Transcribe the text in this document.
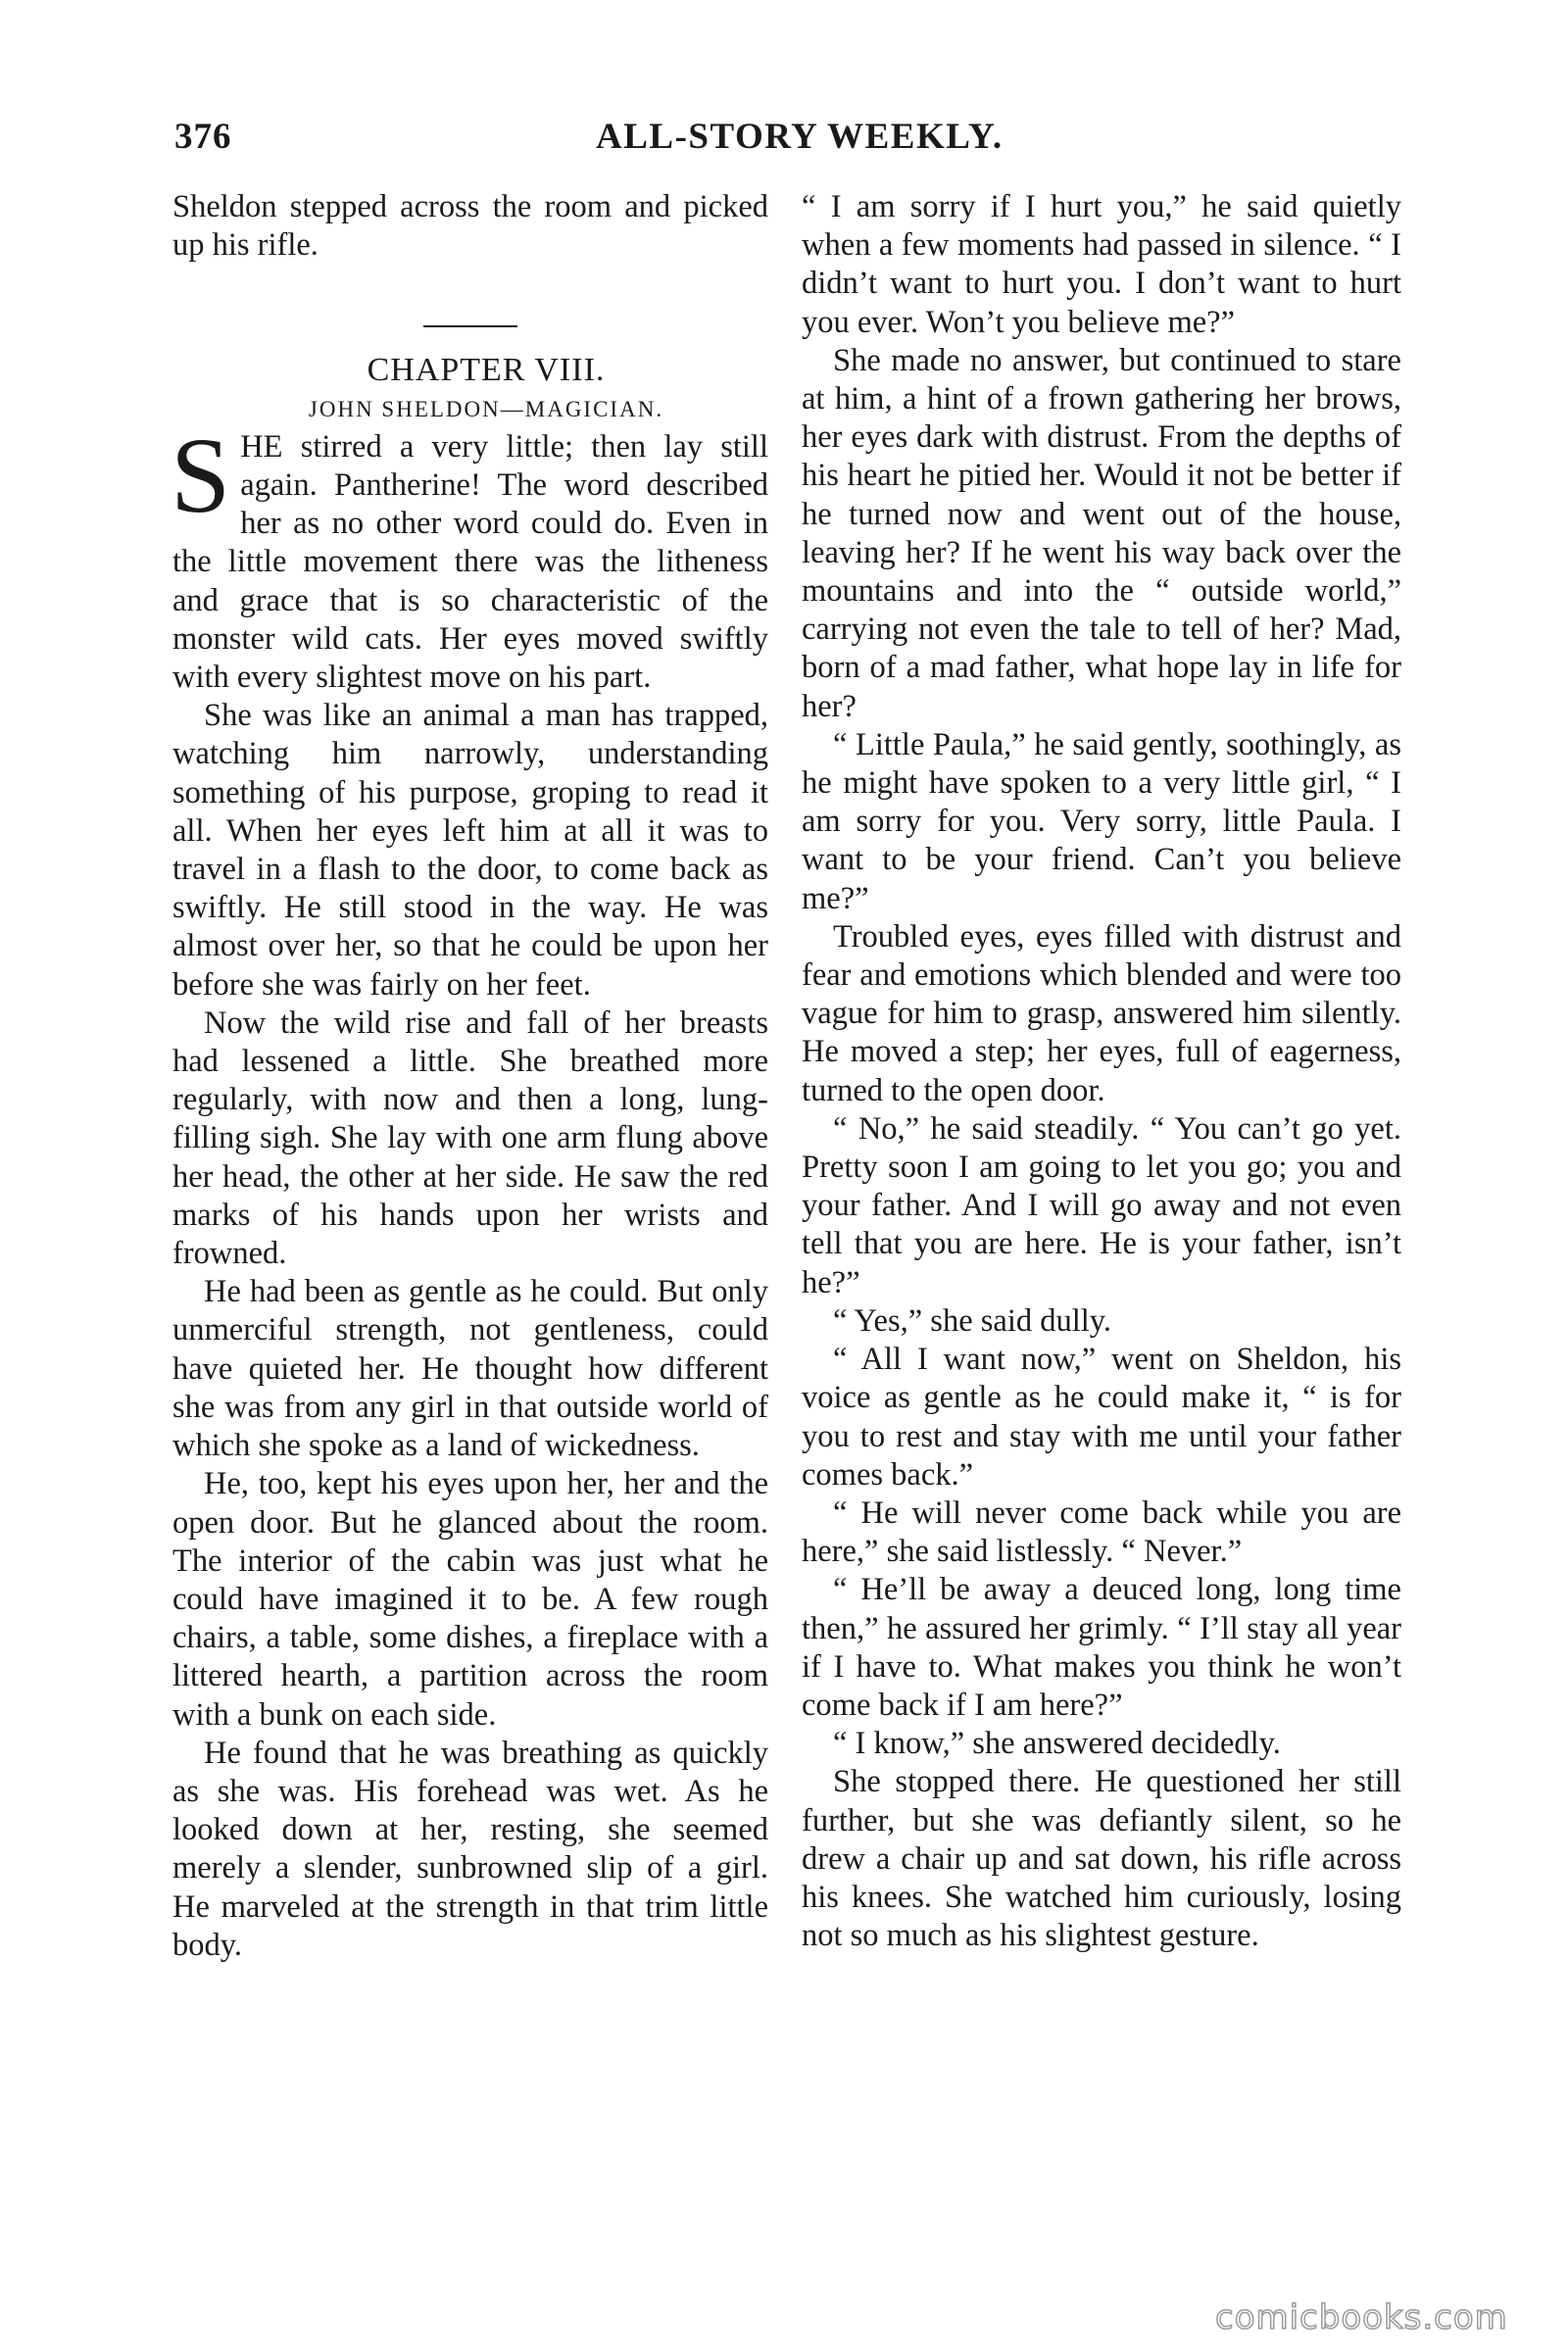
376	ALL-STORY WEEKLY.

Sheldon stepped across the room and picked up his rifle.

CHAPTER VIII.

JOHN SHELDON—MAGICIAN.

SHE stirred a very little; then lay still again. Pantherine! The word described her as no other word could do. Even in the little movement there was the litheness and grace that is so characteristic of the monster wild cats. Her eyes moved swiftly with every slightest move on his part.

She was like an animal a man has trapped, watching him narrowly, understanding something of his purpose, groping to read it all. When her eyes left him at all it was to travel in a flash to the door, to come back as swiftly. He still stood in the way. He was almost over her, so that he could be upon her before she was fairly on her feet.

Now the wild rise and fall of her breasts had lessened a little. She breathed more regularly, with now and then a long, lung-filling sigh. She lay with one arm flung above her head, the other at her side. He saw the red marks of his hands upon her wrists and frowned.

He had been as gentle as he could. But only unmerciful strength, not gentleness, could have quieted her. He thought how different she was from any girl in that outside world of which she spoke as a land of wickedness.

He, too, kept his eyes upon her, her and the open door. But he glanced about the room. The interior of the cabin was just what he could have imagined it to be. A few rough chairs, a table, some dishes, a fireplace with a littered hearth, a partition across the room with a bunk on each side.

He found that he was breathing as quickly as she was. His forehead was wet. As he looked down at her, resting, she seemed merely a slender, sunbrowned slip of a girl. He marveled at the strength in that trim little body.

“ I am sorry if I hurt you,” he said quietly when a few moments had passed in silence. “ I didn’t want to hurt you. I don’t want to hurt you ever. Won’t you believe me?”

She made no answer, but continued to stare at him, a hint of a frown gathering her brows, her eyes dark with distrust. From the depths of his heart he pitied her. Would it not be better if he turned now and went out of the house, leaving her? If he went his way back over the mountains and into the “ outside world,” carrying not even the tale to tell of her? Mad, born of a mad father, what hope lay in life for her?

“ Little Paula,” he said gently, soothingly, as he might have spoken to a very little girl, “ I am sorry for you. Very sorry, little Paula. I want to be your friend. Can’t you believe me?”

Troubled eyes, eyes filled with distrust and fear and emotions which blended and were too vague for him to grasp, answered him silently. He moved a step; her eyes, full of eagerness, turned to the open door.

“ No,” he said steadily. “ You can’t go yet. Pretty soon I am going to let you go; you and your father. And I will go away and not even tell that you are here. He is your father, isn’t he?”

“ Yes,” she said dully.

“ All I want now,” went on Sheldon, his voice as gentle as he could make it, “ is for you to rest and stay with me until your father comes back.”

“ He will never come back while you are here,” she said listlessly. “ Never.”

“ He’ll be away a deuced long, long time then,” he assured her grimly. “ I’ll stay all year if I have to. What makes you think he won’t come back if I am here?”

“ I know,” she answered decidedly.

She stopped there. He questioned her still further, but she was defiantly silent, so he drew a chair up and sat down, his rifle across his knees. She watched him curiously, losing not so much as his slightest gesture.

comicbooks.com
